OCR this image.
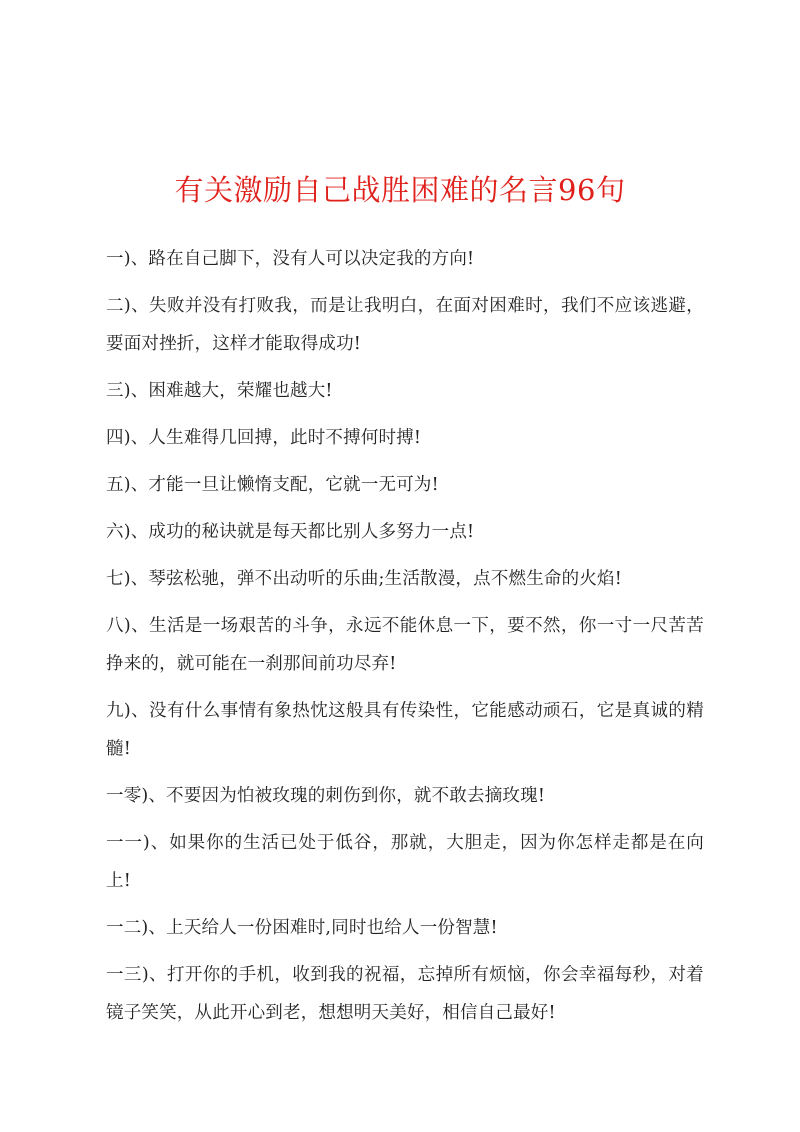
有关激励自己战胜困难的名言96句
一)、路在自己脚下，没有人可以决定我的方向!
二)、失败并没有打败我，而是让我明白，在面对困难时，我们不应该逃避，要面对挫折，这样才能取得成功!
三)、困难越大，荣耀也越大!
四)、人生难得几回搏，此时不搏何时搏!
五)、才能一旦让懒惰支配，它就一无可为!
六)、成功的秘诀就是每天都比别人多努力一点!
七)、琴弦松驰，弹不出动听的乐曲;生活散漫，点不燃生命的火焰!
八)、生活是一场艰苦的斗争，永远不能休息一下，要不然，你一寸一尺苦苦挣来的，就可能在一刹那间前功尽弃!
九)、没有什么事情有象热忱这般具有传染性，它能感动顽石，它是真诚的精髓!
一零)、不要因为怕被玫瑰的刺伤到你，就不敢去摘玫瑰!
一一)、如果你的生活已处于低谷，那就，大胆走，因为你怎样走都是在向上!
一二)、上天给人一份困难时,同时也给人一份智慧!
一三)、打开你的手机，收到我的祝福，忘掉所有烦恼，你会幸福每秒，对着镜子笑笑，从此开心到老，想想明天美好，相信自己最好!
